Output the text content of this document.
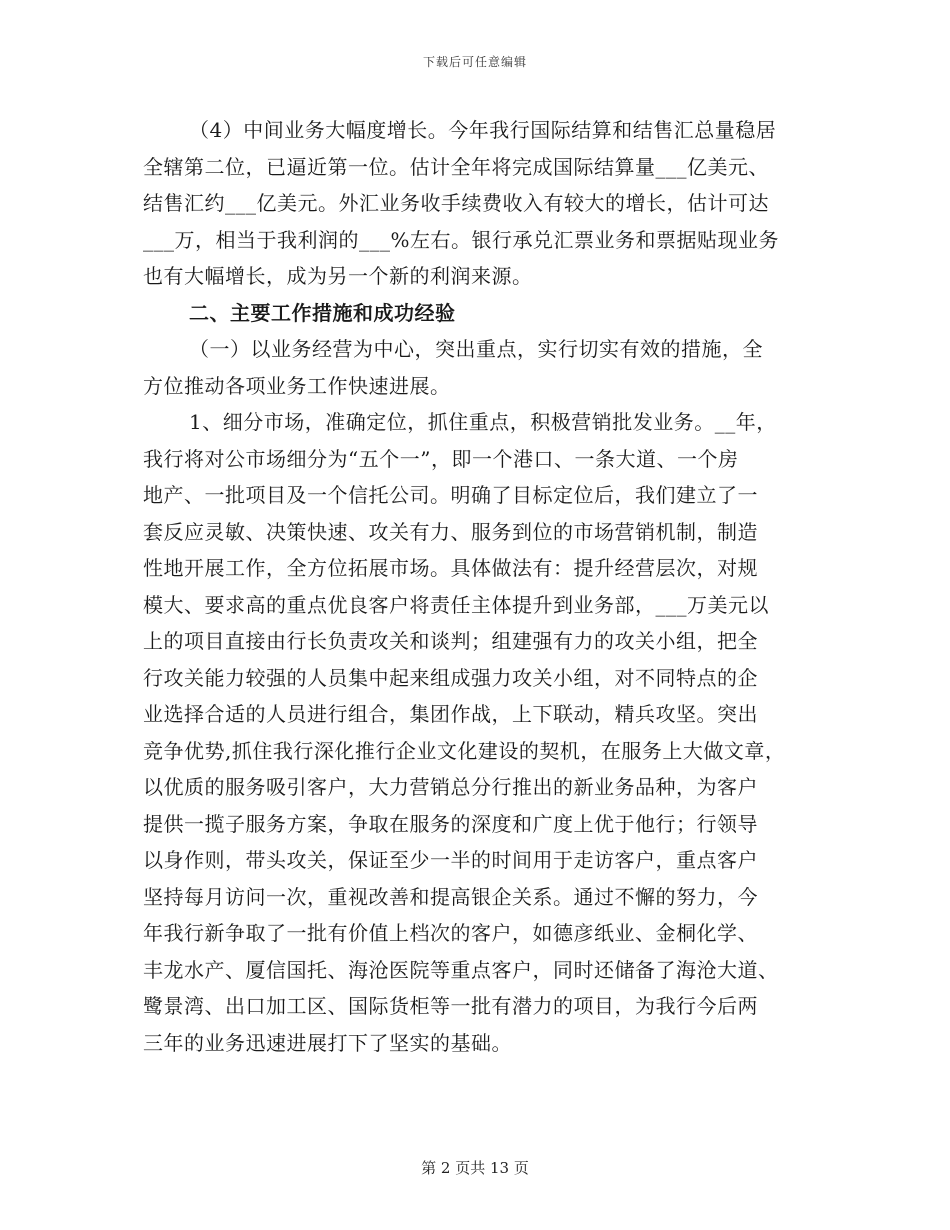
下载后可任意编辑
（4）中间业务大幅度增长。今年我行国际结算和结售汇总量稳居
全辖第二位，已逼近第一位。估计全年将完成国际结算量___亿美元、
结售汇约___亿美元。外汇业务收手续费收入有较大的增长，估计可达
___万，相当于我利润的___%左右。银行承兑汇票业务和票据贴现业务
也有大幅增长，成为另一个新的利润来源。
二、主要工作措施和成功经验
（一）以业务经营为中心，突出重点，实行切实有效的措施，全
方位推动各项业务工作快速进展。
1、细分市场，准确定位，抓住重点，积极营销批发业务。__年，
我行将对公市场细分为“五个一”，即一个港口、一条大道、一个房
地产、一批项目及一个信托公司。明确了目标定位后，我们建立了一
套反应灵敏、决策快速、攻关有力、服务到位的市场营销机制，制造
性地开展工作，全方位拓展市场。具体做法有：提升经营层次，对规
模大、要求高的重点优良客户将责任主体提升到业务部，___万美元以
上的项目直接由行长负责攻关和谈判；组建强有力的攻关小组，把全
行攻关能力较强的人员集中起来组成强力攻关小组，对不同特点的企
业选择合适的人员进行组合，集团作战，上下联动，精兵攻坚。突出
竞争优势,抓住我行深化推行企业文化建设的契机，在服务上大做文章，
以优质的服务吸引客户，大力营销总分行推出的新业务品种，为客户
提供一揽子服务方案，争取在服务的深度和广度上优于他行；行领导
以身作则，带头攻关，保证至少一半的时间用于走访客户，重点客户
坚持每月访问一次，重视改善和提高银企关系。通过不懈的努力，今
年我行新争取了一批有价值上档次的客户，如德彦纸业、金桐化学、
丰龙水产、厦信国托、海沧医院等重点客户，同时还储备了海沧大道、
鹭景湾、出口加工区、国际货柜等一批有潜力的项目，为我行今后两
三年的业务迅速进展打下了坚实的基础。
第 2 页共 13 页
